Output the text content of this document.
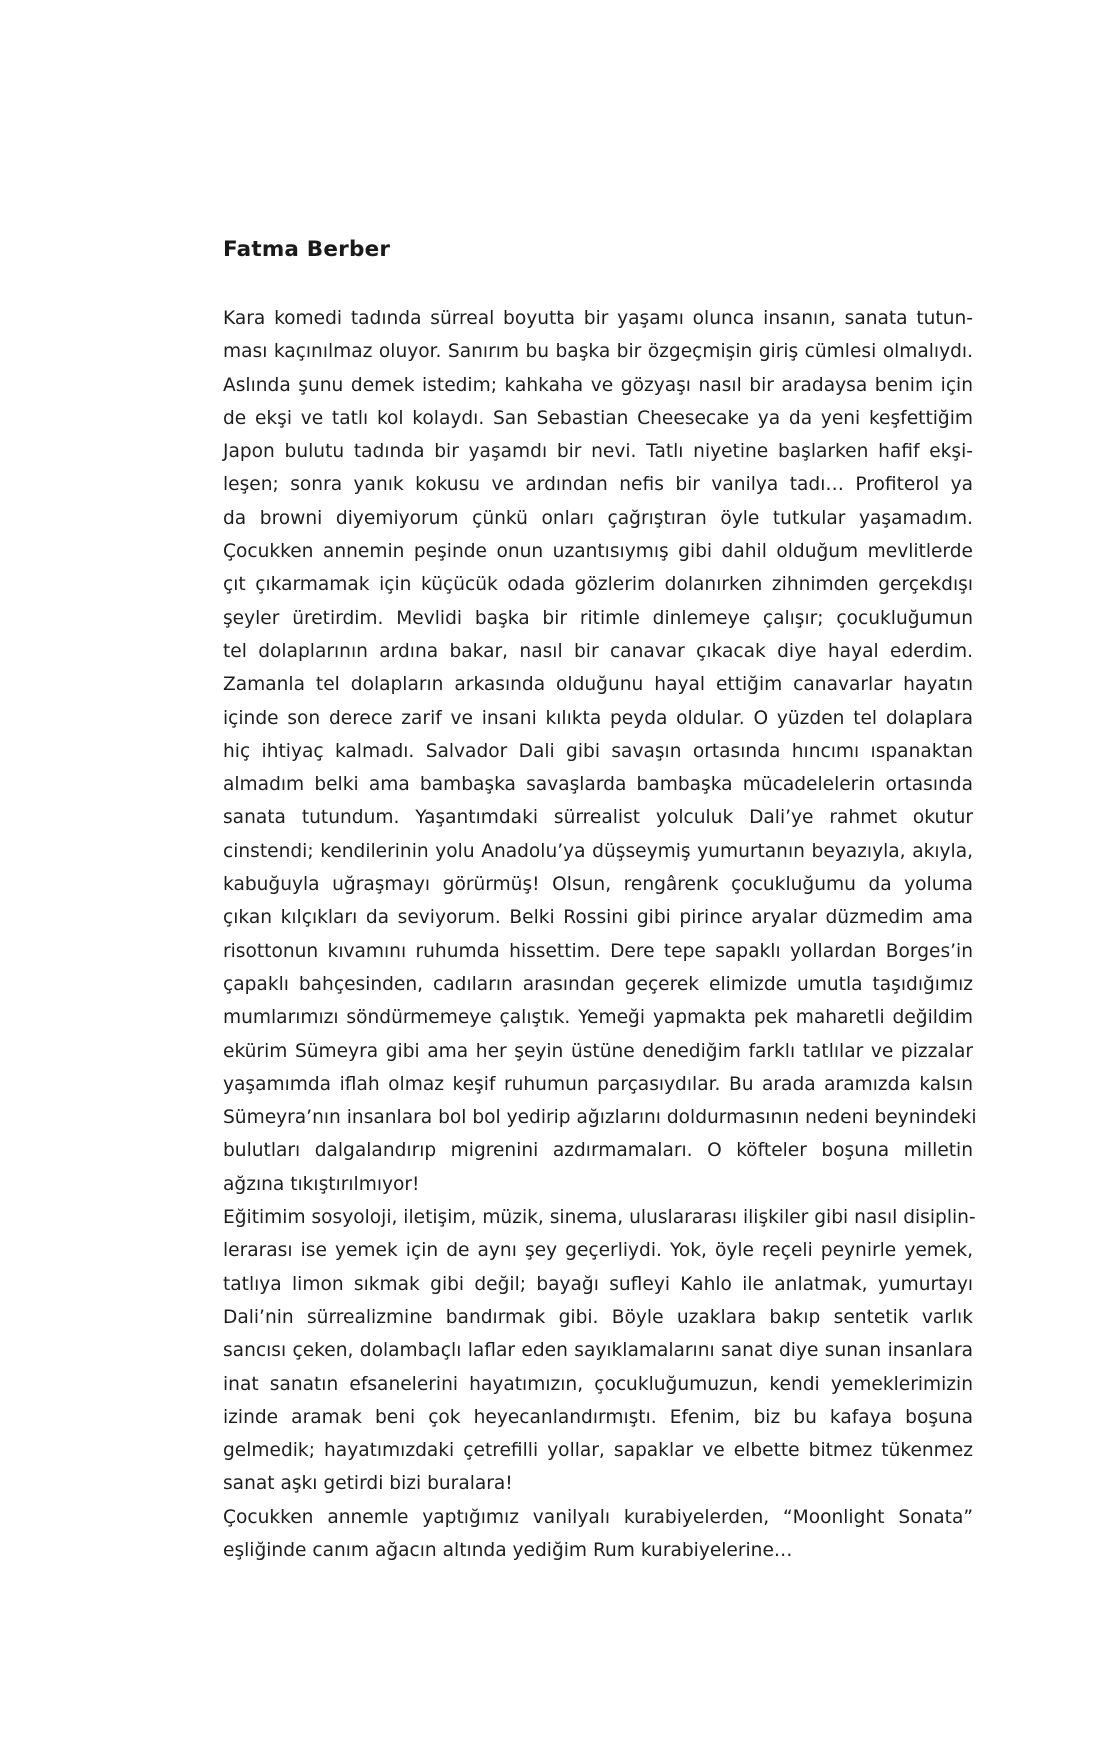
Fatma Berber
Kara komedi tadında sürreal boyutta bir yaşamı olunca insanın, sanata tutun-
ması kaçınılmaz oluyor. Sanırım bu başka bir özgeçmişin giriş cümlesi olmalıydı.
Aslında şunu demek istedim; kahkaha ve gözyaşı nasıl bir aradaysa benim için
de ekşi ve tatlı kol kolaydı. San Sebastian Cheesecake ya da yeni keşfettiğim
Japon bulutu tadında bir yaşamdı bir nevi. Tatlı niyetine başlarken hafif ekşi-
leşen; sonra yanık kokusu ve ardından nefis bir vanilya tadı… Profiterol ya
da browni diyemiyorum çünkü onları çağrıştıran öyle tutkular yaşamadım.
Çocukken annemin peşinde onun uzantısıymış gibi dahil olduğum mevlitlerde
çıt çıkarmamak için küçücük odada gözlerim dolanırken zihnimden gerçekdışı
şeyler üretirdim. Mevlidi başka bir ritimle dinlemeye çalışır; çocukluğumun
tel dolaplarının ardına bakar, nasıl bir canavar çıkacak diye hayal ederdim.
Zamanla tel dolapların arkasında olduğunu hayal ettiğim canavarlar hayatın
içinde son derece zarif ve insani kılıkta peyda oldular. O yüzden tel dolaplara
hiç ihtiyaç kalmadı. Salvador Dali gibi savaşın ortasında hıncımı ıspanaktan
almadım belki ama bambaşka savaşlarda bambaşka mücadelelerin ortasında
sanata tutundum. Yaşantımdaki sürrealist yolculuk Dali’ye rahmet okutur
cinstendi; kendilerinin yolu Anadolu’ya düşseymiş yumurtanın beyazıyla, akıyla,
kabuğuyla uğraşmayı görürmüş! Olsun, rengârenk çocukluğumu da yoluma
çıkan kılçıkları da seviyorum. Belki Rossini gibi pirince aryalar düzmedim ama
risottonun kıvamını ruhumda hissettim. Dere tepe sapaklı yollardan Borges’in
çapaklı bahçesinden, cadıların arasından geçerek elimizde umutla taşıdığımız
mumlarımızı söndürmemeye çalıştık. Yemeği yapmakta pek maharetli değildim
ekürim Sümeyra gibi ama her şeyin üstüne denediğim farklı tatlılar ve pizzalar
yaşamımda iflah olmaz keşif ruhumun parçasıydılar. Bu arada aramızda kalsın
Sümeyra’nın insanlara bol bol yedirip ağızlarını doldurmasının nedeni beynindeki
bulutları dalgalandırıp migrenini azdırmamaları. O köfteler boşuna milletin
ağzına tıkıştırılmıyor!
Eğitimim sosyoloji, iletişim, müzik, sinema, uluslararası ilişkiler gibi nasıl disiplin-
lerarası ise yemek için de aynı şey geçerliydi. Yok, öyle reçeli peynirle yemek,
tatlıya limon sıkmak gibi değil; bayağı sufleyi Kahlo ile anlatmak, yumurtayı
Dali’nin sürrealizmine bandırmak gibi. Böyle uzaklara bakıp sentetik varlık
sancısı çeken, dolambaçlı laflar eden sayıklamalarını sanat diye sunan insanlara
inat sanatın efsanelerini hayatımızın, çocukluğumuzun, kendi yemeklerimizin
izinde aramak beni çok heyecanlandırmıştı. Efenim, biz bu kafaya boşuna
gelmedik; hayatımızdaki çetrefilli yollar, sapaklar ve elbette bitmez tükenmez
sanat aşkı getirdi bizi buralara!
Çocukken annemle yaptığımız vanilyalı kurabiyelerden, “Moonlight Sonata”
eşliğinde canım ağacın altında yediğim Rum kurabiyelerine…
